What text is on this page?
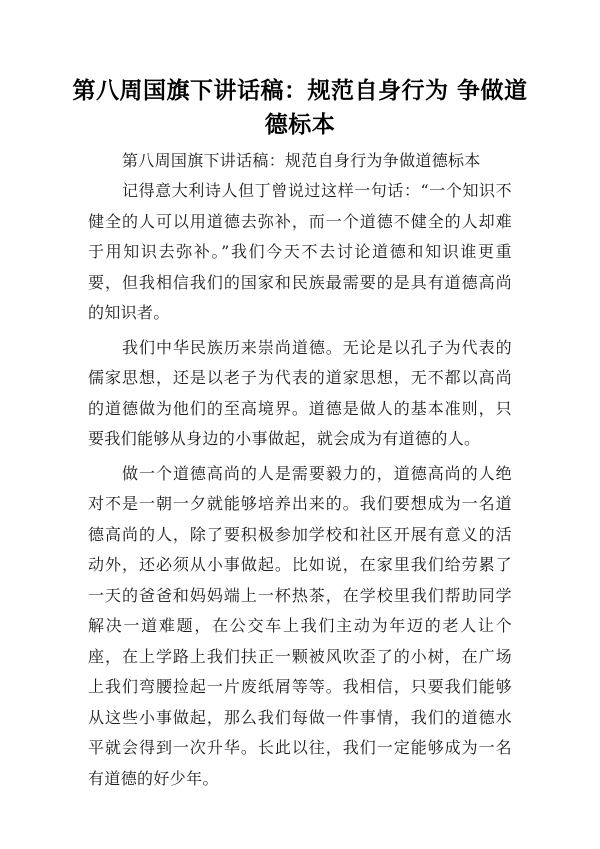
第八周国旗下讲话稿：规范自身行为 争做道德标本

第八周国旗下讲话稿：规范自身行为争做道德标本

记得意大利诗人但丁曾说过这样一句话：“一个知识不健全的人可以用道德去弥补，而一个道德不健全的人却难于用知识去弥补。”我们今天不去讨论道德和知识谁更重要，但我相信我们的国家和民族最需要的是具有道德高尚的知识者。

我们中华民族历来崇尚道德。无论是以孔子为代表的儒家思想，还是以老子为代表的道家思想，无不都以高尚的道德做为他们的至高境界。道德是做人的基本准则，只要我们能够从身边的小事做起，就会成为有道德的人。

做一个道德高尚的人是需要毅力的，道德高尚的人绝对不是一朝一夕就能够培养出来的。我们要想成为一名道德高尚的人，除了要积极参加学校和社区开展有意义的活动外，还必须从小事做起。比如说，在家里我们给劳累了一天的爸爸和妈妈端上一杯热茶，在学校里我们帮助同学解决一道难题，在公交车上我们主动为年迈的老人让个座，在上学路上我们扶正一颗被风吹歪了的小树，在广场上我们弯腰捡起一片废纸屑等等。我相信，只要我们能够从这些小事做起，那么我们每做一件事情，我们的道德水平就会得到一次升华。长此以往，我们一定能够成为一名有道德的好少年。
